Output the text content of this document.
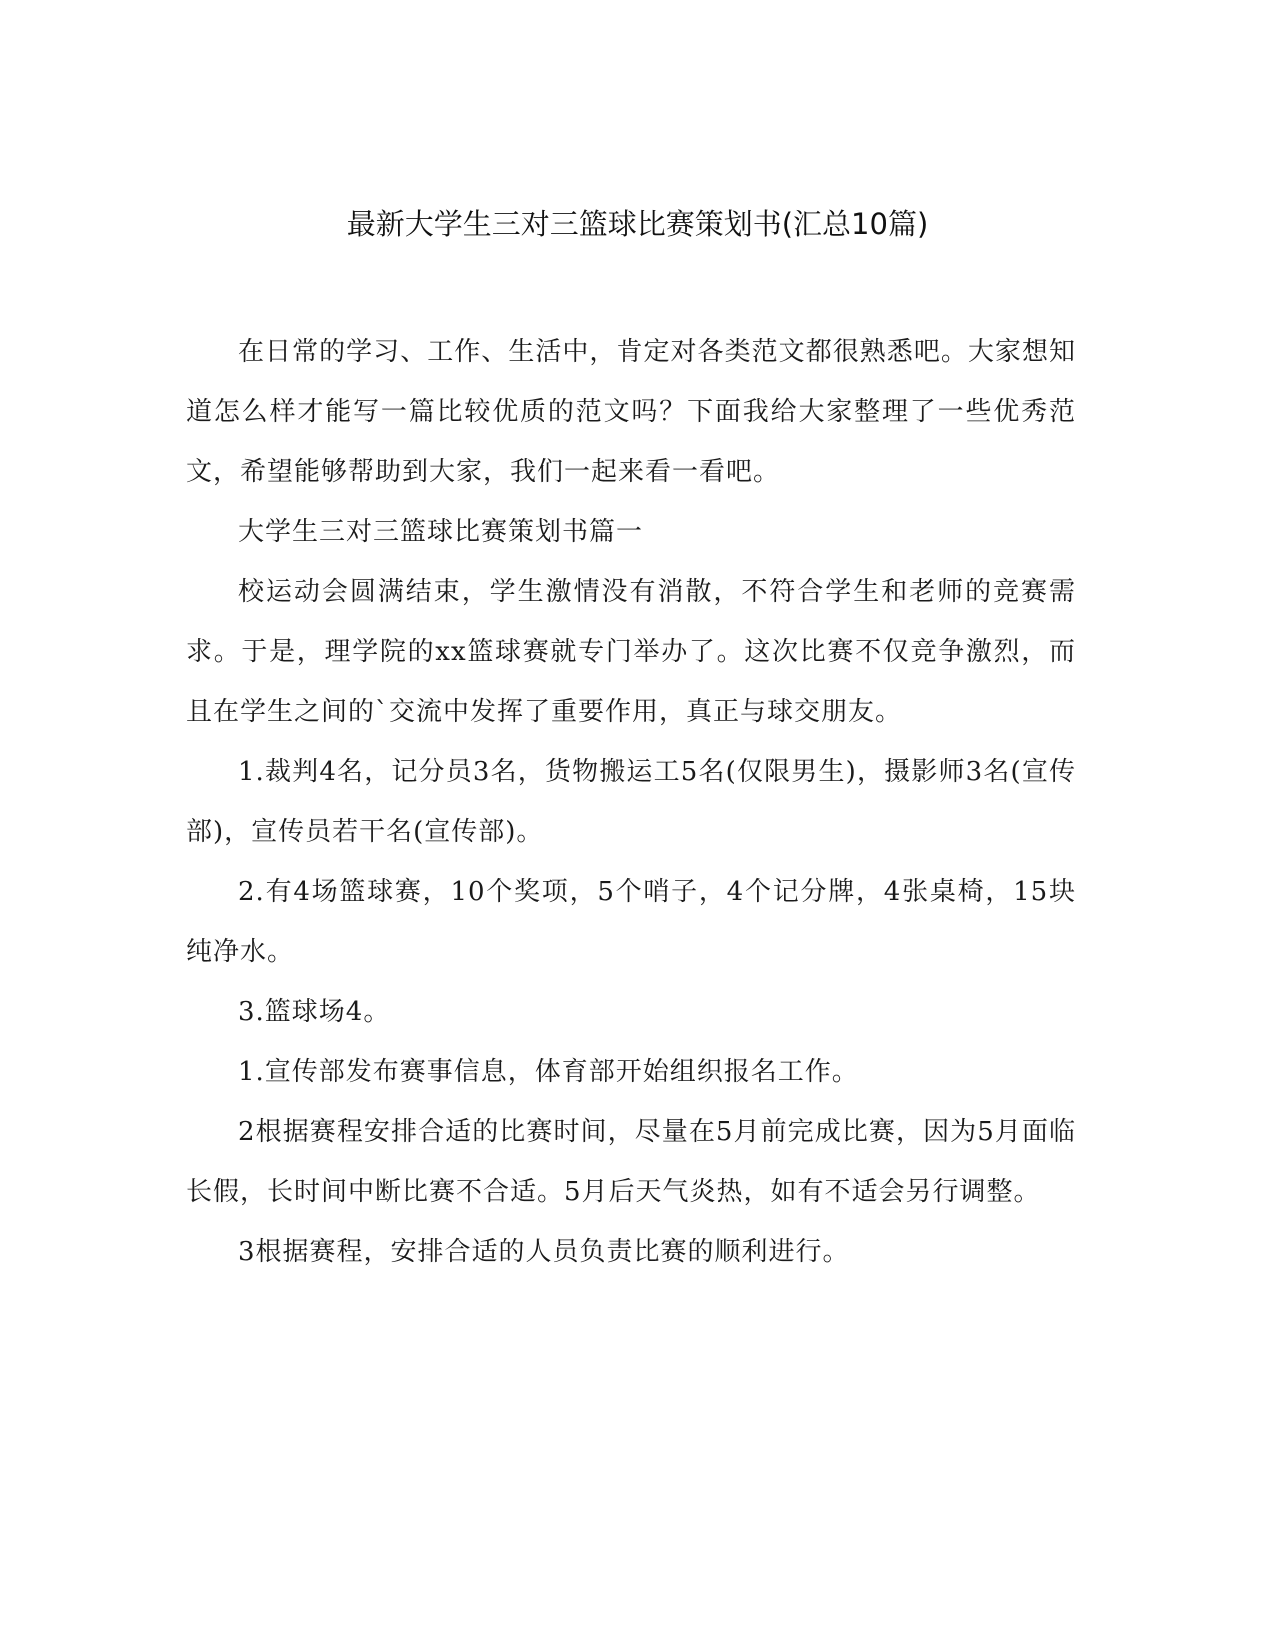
最新大学生三对三篮球比赛策划书(汇总10篇)

在日常的学习、工作、生活中，肯定对各类范文都很熟悉吧。大家想知道怎么样才能写一篇比较优质的范文吗？下面我给大家整理了一些优秀范文，希望能够帮助到大家，我们一起来看一看吧。

大学生三对三篮球比赛策划书篇一

校运动会圆满结束，学生激情没有消散，不符合学生和老师的竞赛需求。于是，理学院的xx篮球赛就专门举办了。这次比赛不仅竞争激烈，而且在学生之间的`交流中发挥了重要作用，真正与球交朋友。

1.裁判4名，记分员3名，货物搬运工5名(仅限男生)，摄影师3名(宣传部)，宣传员若干名(宣传部)。

2.有4场篮球赛，10个奖项，5个哨子，4个记分牌，4张桌椅，15块纯净水。

3.篮球场4。

1.宣传部发布赛事信息，体育部开始组织报名工作。

2根据赛程安排合适的比赛时间，尽量在5月前完成比赛，因为5月面临长假，长时间中断比赛不合适。5月后天气炎热，如有不适会另行调整。

3根据赛程，安排合适的人员负责比赛的顺利进行。
